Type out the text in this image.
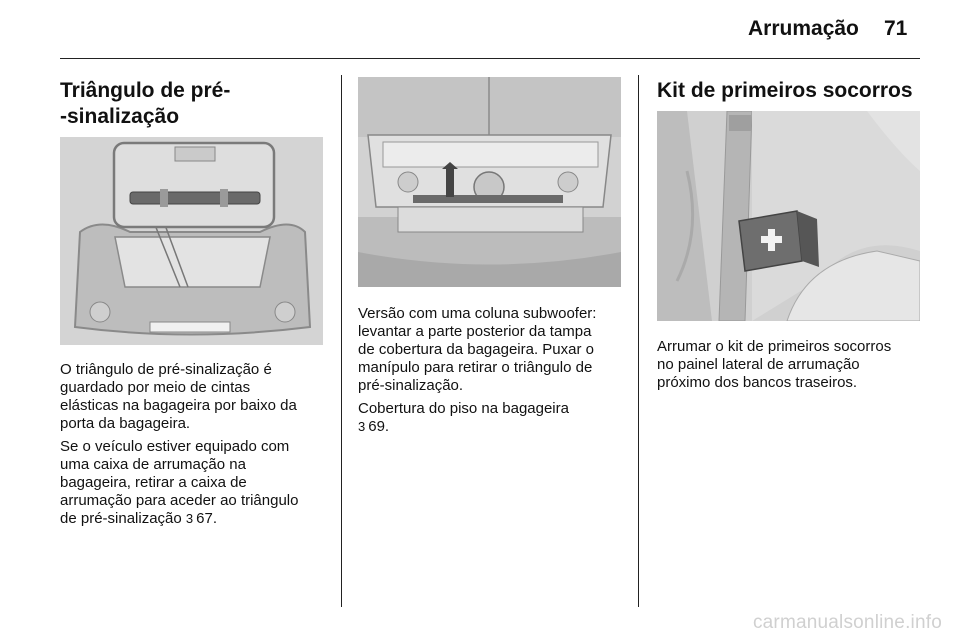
Arrumação 71
Triângulo de pré-
-sinalização

O triângulo de pré-sinalização é
guardado por meio de cintas
elásticas na bagageira por baixo da
porta da bagageira.

Se o veículo estiver equipado com
uma caixa de arrumação na
bagageira, retirar a caixa de
arrumação para aceder ao triângulo
de pré-sinalização 3 67.

Versão com uma coluna subwoofer:
levantar a parte posterior da tampa
de cobertura da bagageira. Puxar o
manípulo para retirar o triângulo de
pré-sinalização.

Cobertura do piso na bagageira
3 69.

Kit de primeiros socorros

Arrumar o kit de primeiros socorros
no painel lateral de arrumação
próximo dos bancos traseiros.

carmanualsonline.info
